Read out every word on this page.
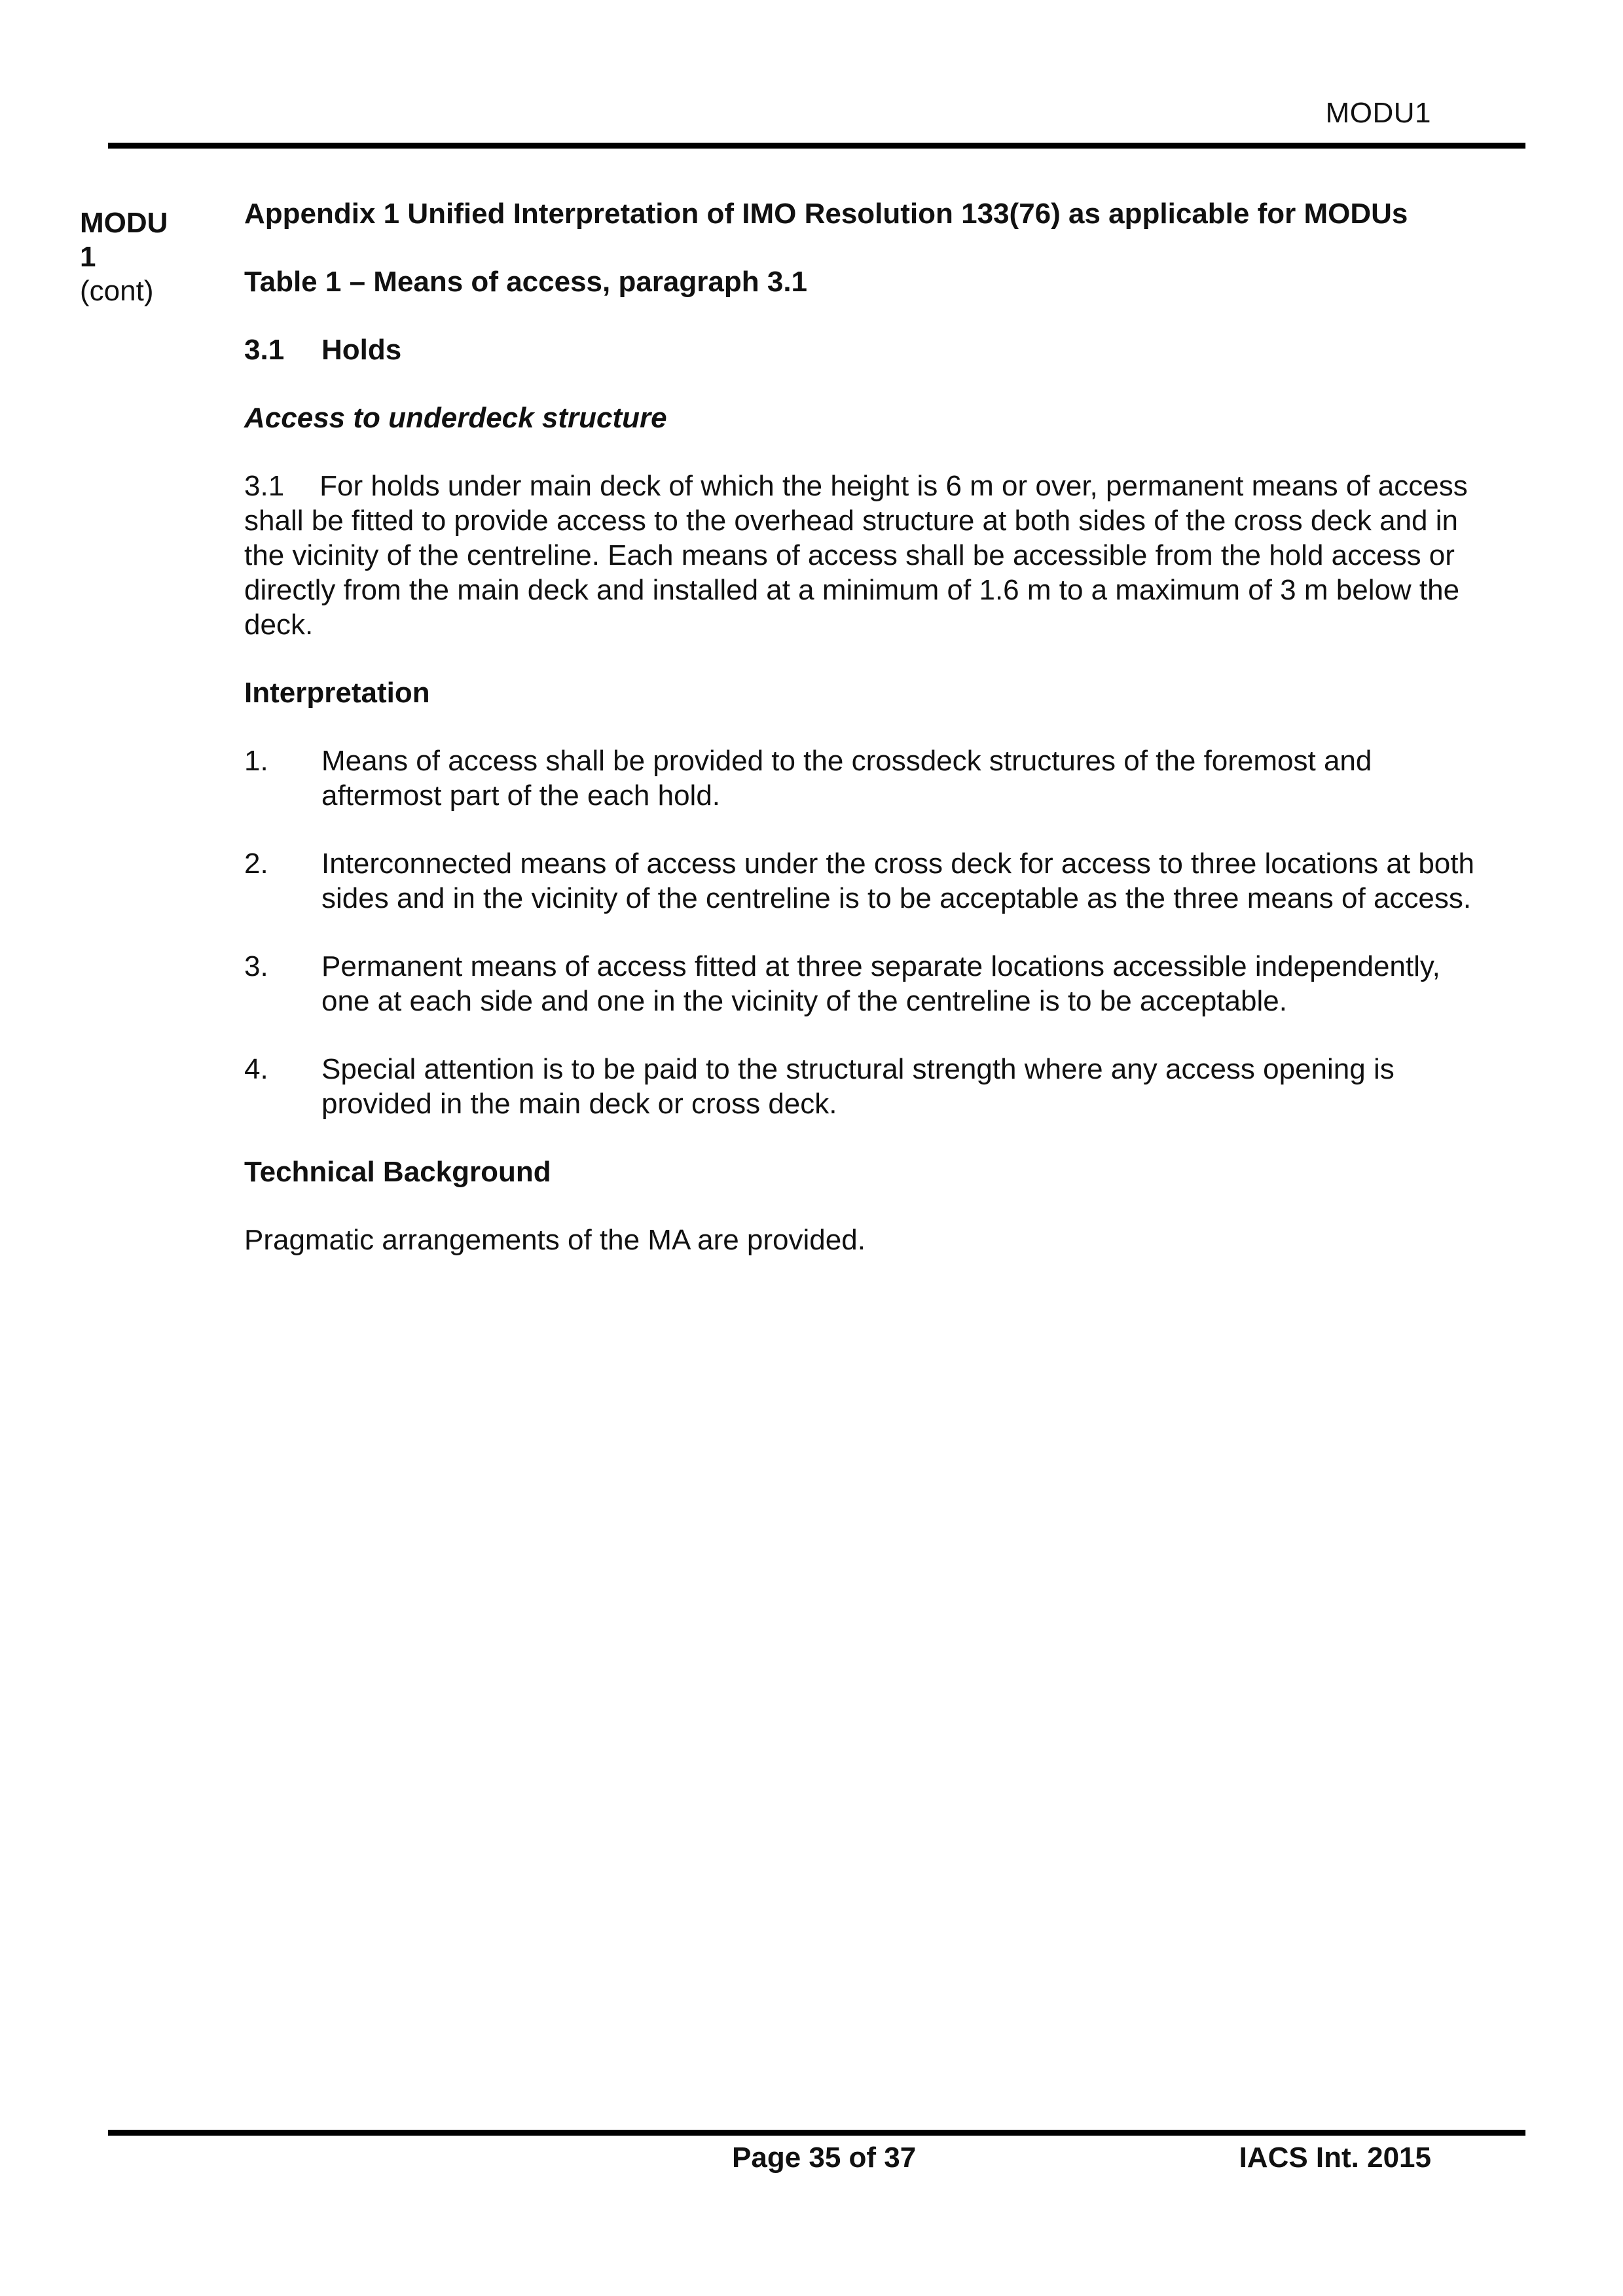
MODU1
MODU 1
(cont)

Appendix 1 Unified Interpretation of IMO Resolution 133(76) as applicable for MODUs

Table 1 – Means of access, paragraph 3.1

3.1	Holds

Access to underdeck structure

3.1 For holds under main deck of which the height is 6 m or over, permanent means of access shall be fitted to provide access to the overhead structure at both sides of the cross deck and in the vicinity of the centreline. Each means of access shall be accessible from the hold access or directly from the main deck and installed at a minimum of 1.6 m to a maximum of 3 m below the deck.

Interpretation

1.	Means of access shall be provided to the crossdeck structures of the foremost and aftermost part of the each hold.
2.	Interconnected means of access under the cross deck for access to three locations at both sides and in the vicinity of the centreline is to be acceptable as the three means of access.
3.	Permanent means of access fitted at three separate locations accessible independently, one at each side and one in the vicinity of the centreline is to be acceptable.
4.	Special attention is to be paid to the structural strength where any access opening is provided in the main deck or cross deck.

Technical Background

Pragmatic arrangements of the MA are provided.

Page 35 of 37	IACS Int. 2015
